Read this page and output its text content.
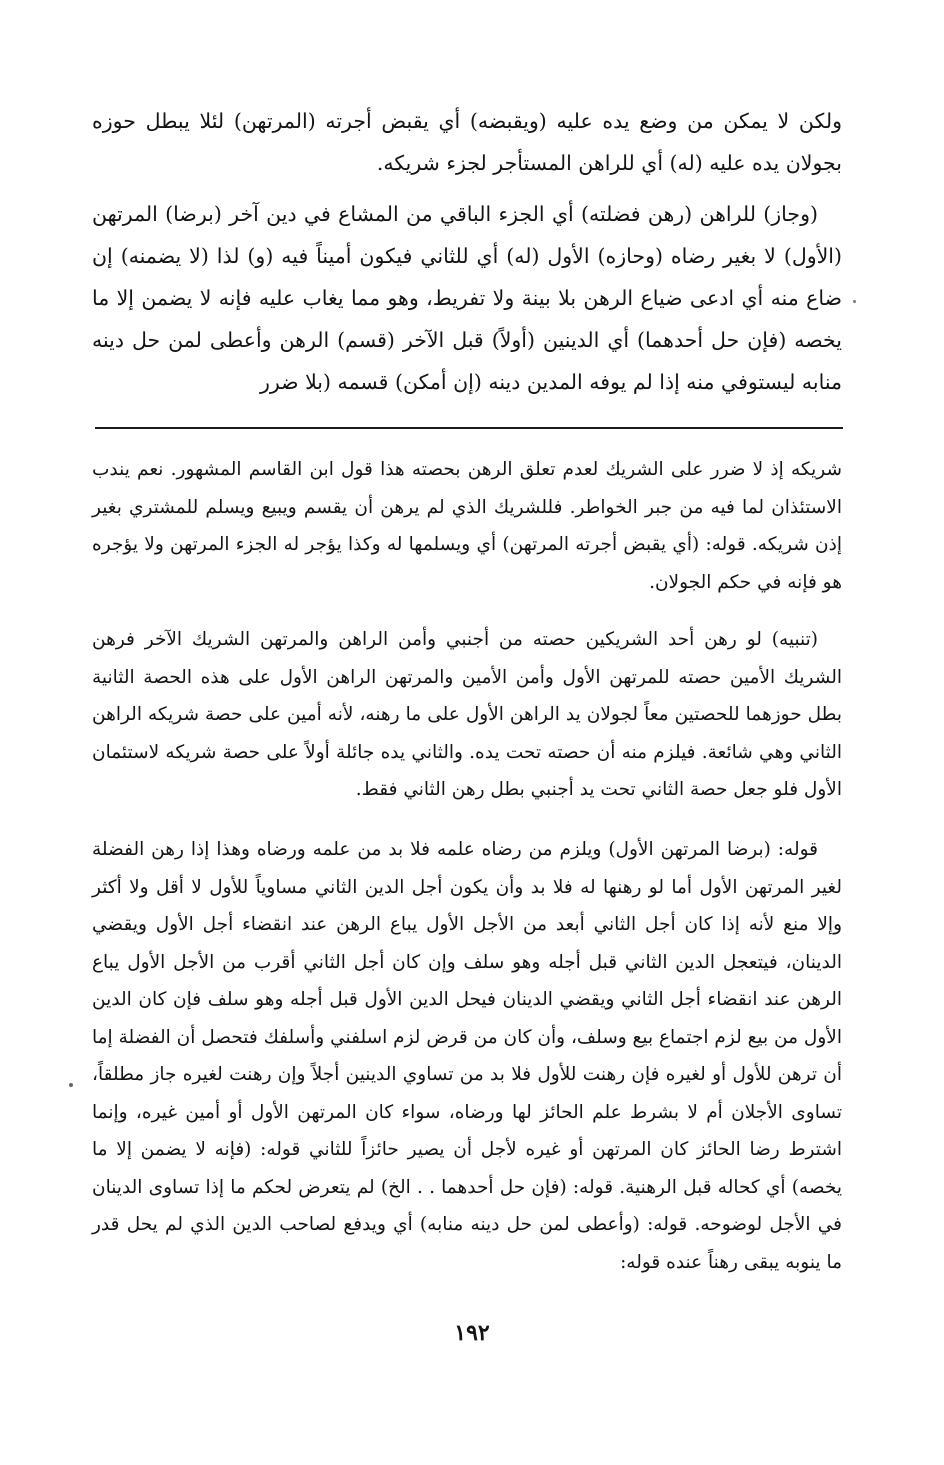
ولكن لا يمكن من وضع يده عليه (ويقبضه) أي يقبض أجرته (المرتهن) لئلا يبطل حوزه بجولان يده عليه (له) أي للراهن المستأجر لجزء شريكه.
(وجاز) للراهن (رهن فضلته) أي الجزء الباقي من المشاع في دين آخر (برضا) المرتهن (الأول) لا بغير رضاه (وحازه) الأول (له) أي للثاني فيكون أميناً فيه (و) لذا (لا يضمنه) إن ضاع منه أي ادعى ضياع الرهن بلا بينة ولا تفريط، وهو مما يغاب عليه فإنه لا يضمن إلا ما يخصه (فإن حل أحدهما) أي الدينين (أولاً) قبل الآخر (قسم) الرهن وأعطى لمن حل دينه منابه ليستوفي منه إذا لم يوفه المدين دينه (إن أمكن) قسمه (بلا ضرر
شريكه إذ لا ضرر على الشريك لعدم تعلق الرهن بحصته هذا قول ابن القاسم المشهور. نعم يندب الاستئذان لما فيه من جبر الخواطر. فللشريك الذي لم يرهن أن يقسم ويبيع ويسلم للمشتري بغير إذن شريكه. قوله: (أي يقبض أجرته المرتهن) أي ويسلمها له وكذا يؤجر له الجزء المرتهن ولا يؤجره هو فإنه في حكم الجولان.
(تنبيه) لو رهن أحد الشريكين حصته من أجنبي وأمن الراهن والمرتهن الشريك الآخر فرهن الشريك الأمين حصته للمرتهن الأول وأمن الأمين والمرتهن الراهن الأول على هذه الحصة الثانية بطل حوزهما للحصتين معاً لجولان يد الراهن الأول على ما رهنه، لأنه أمين على حصة شريكه الراهن الثاني وهي شائعة. فيلزم منه أن حصته تحت يده. والثاني يده جائلة أولاً على حصة شريكه لاستئمان الأول فلو جعل حصة الثاني تحت يد أجنبي بطل رهن الثاني فقط.
قوله: (برضا المرتهن الأول) ويلزم من رضاه علمه فلا بد من علمه ورضاه وهذا إذا رهن الفضلة لغير المرتهن الأول أما لو رهنها له فلا بد وأن يكون أجل الدين الثاني مساوياً للأول لا أقل ولا أكثر وإلا منع لأنه إذا كان أجل الثاني أبعد من الأجل الأول يباع الرهن عند انقضاء أجل الأول ويقضي الدينان، فيتعجل الدين الثاني قبل أجله وهو سلف وإن كان أجل الثاني أقرب من الأجل الأول يباع الرهن عند انقضاء أجل الثاني ويقضي الدينان فيحل الدين الأول قبل أجله وهو سلف فإن كان الدين الأول من بيع لزم اجتماع بيع وسلف، وأن كان من قرض لزم اسلفني وأسلفك فتحصل أن الفضلة إما أن ترهن للأول أو لغيره فإن رهنت للأول فلا بد من تساوي الدينين أجلاً وإن رهنت لغيره جاز مطلقاً، تساوى الأجلان أم لا بشرط علم الحائز لها ورضاه، سواء كان المرتهن الأول أو أمين غيره، وإنما اشترط رضا الحائز كان المرتهن أو غيره لأجل أن يصير حائزاً للثاني قوله: (فإنه لا يضمن إلا ما يخصه) أي كحاله قبل الرهنية. قوله: (فإن حل أحدهما . . الخ) لم يتعرض لحكم ما إذا تساوى الدينان في الأجل لوضوحه. قوله: (وأعطى لمن حل دينه منابه) أي ويدفع لصاحب الدين الذي لم يحل قدر ما ينوبه يبقى رهناً عنده قوله:
١٩٢
